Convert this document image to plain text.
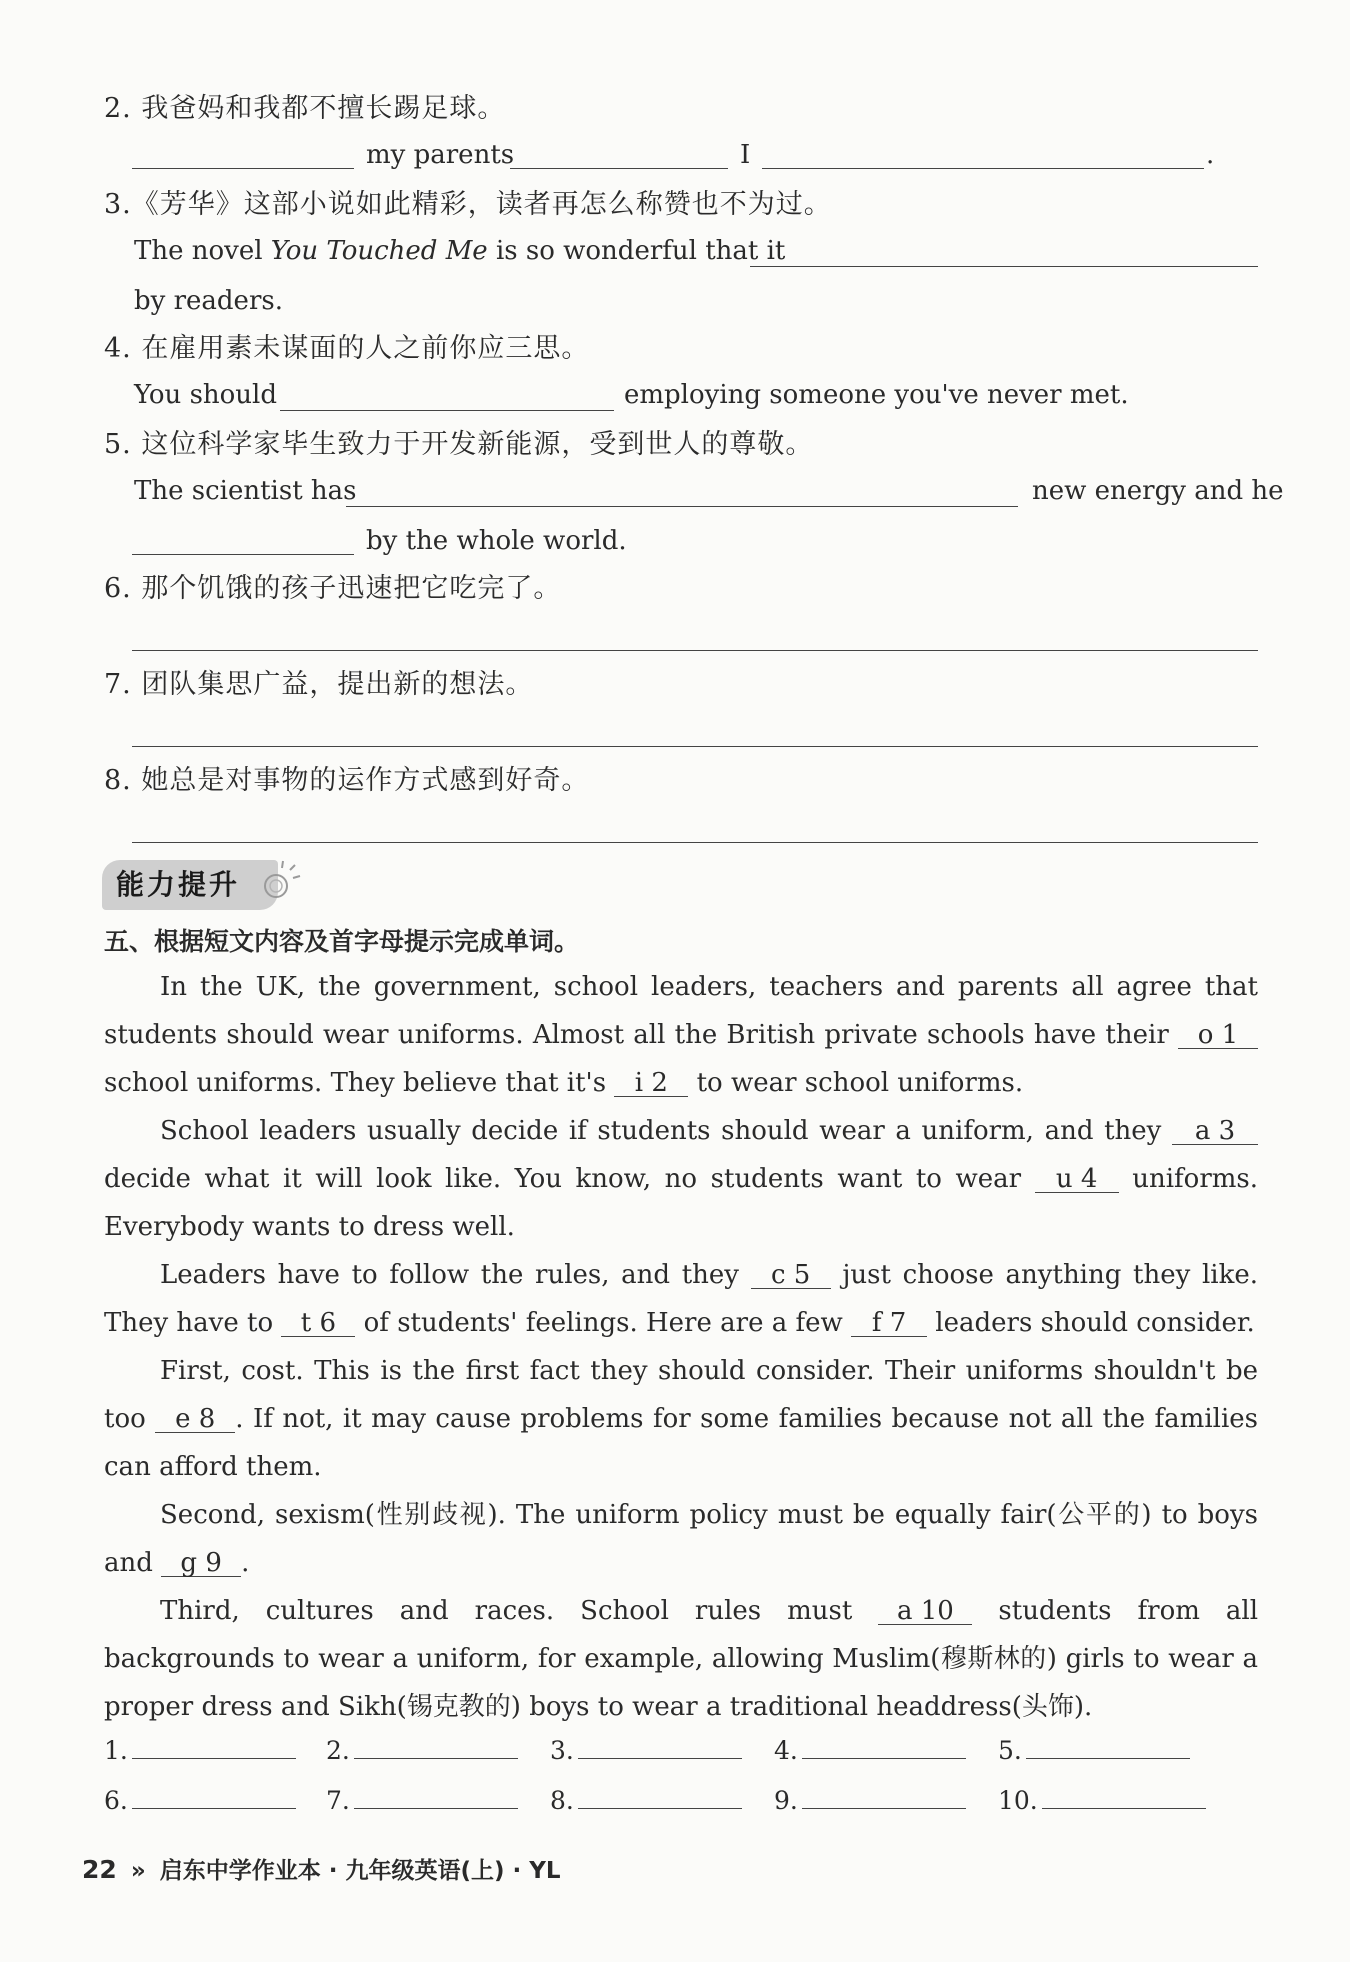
2. 我爸妈和我都不擅长踢足球。
my parents	I	.
3.《芳华》这部小说如此精彩，读者再怎么称赞也不为过。
The novel You Touched Me is so wonderful that it
by readers.
4. 在雇用素未谋面的人之前你应三思。
You should	employing someone you've never met.
5. 这位科学家毕生致力于开发新能源，受到世人的尊敬。
The scientist has	new energy and he
by the whole world.
6. 那个饥饿的孩子迅速把它吃完了。
7. 团队集思广益，提出新的想法。
8. 她总是对事物的运作方式感到好奇。
能力提升
五、根据短文内容及首字母提示完成单词。

In the UK, the government, school leaders, teachers and parents all agree that students should wear uniforms. Almost all the British private schools have their o 1 school uniforms. They believe that it's i 2 to wear school uniforms.

School leaders usually decide if students should wear a uniform, and they a 3 decide what it will look like. You know, no students want to wear u 4 uniforms. Everybody wants to dress well.

Leaders have to follow the rules, and they c 5 just choose anything they like. They have to t 6 of students' feelings. Here are a few f 7 leaders should consider.

First, cost. This is the first fact they should consider. Their uniforms shouldn't be too e 8 . If not, it may cause problems for some families because not all the families can afford them.

Second, sexism(性别歧视). The uniform policy must be equally fair(公平的) to boys and g 9 .

Third, cultures and races. School rules must a 10 students from all backgrounds to wear a uniform, for example, allowing Muslim(穆斯林的) girls to wear a proper dress and Sikh(锡克教的) boys to wear a traditional headdress(头饰).

1.	2.	3.	4.	5.
6.	7.	8.	9.	10.
22 » 启东中学作业本 · 九年级英语(上) · YL
